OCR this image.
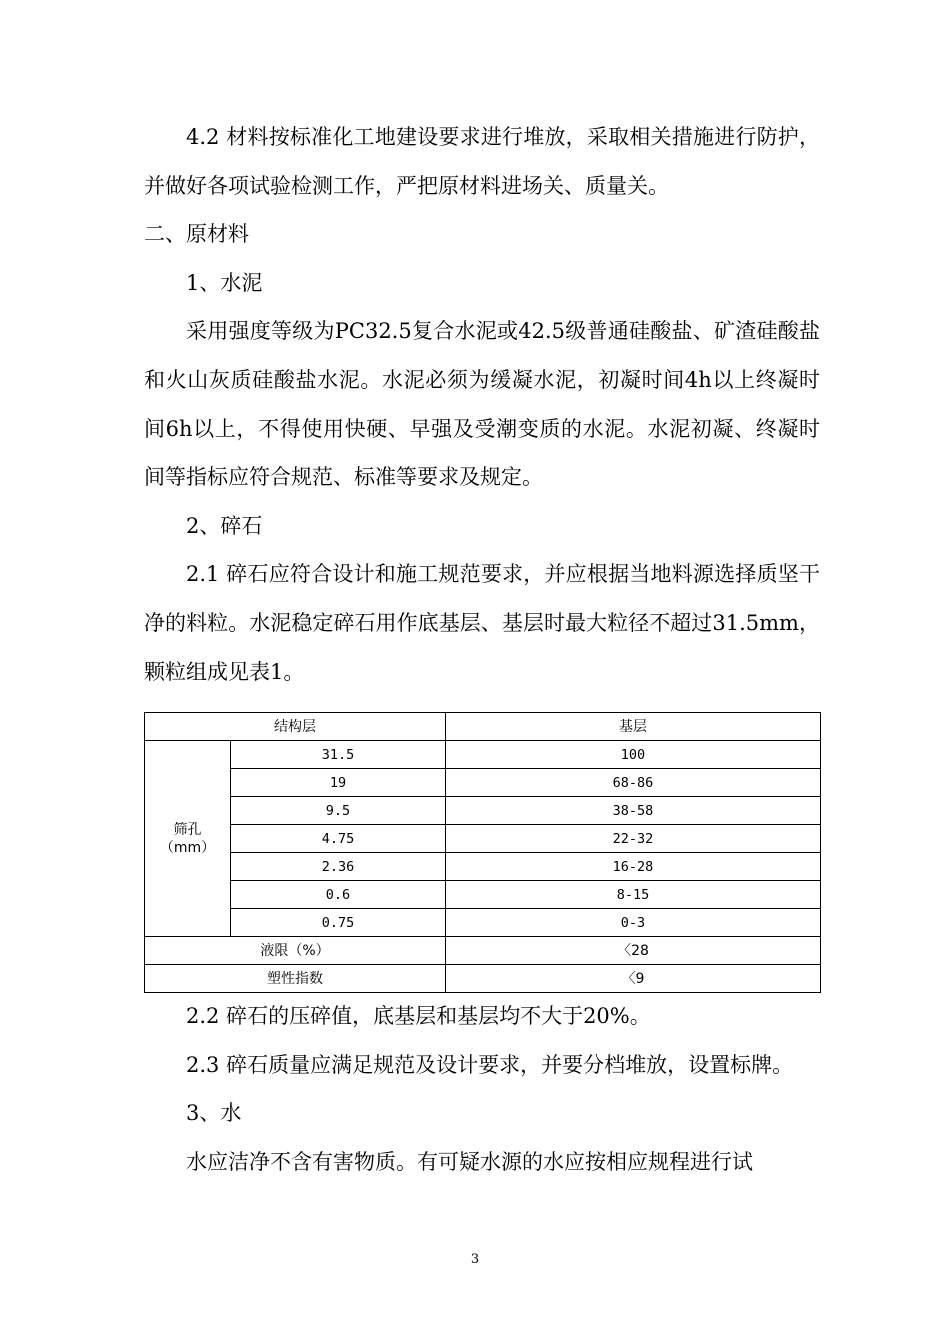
4.2 材料按标准化工地建设要求进行堆放，采取相关措施进行防护，并做好各项试验检测工作，严把原材料进场关、质量关。

二、原材料

1、水泥

采用强度等级为PC32.5复合水泥或42.5级普通硅酸盐、矿渣硅酸盐和火山灰质硅酸盐水泥。水泥必须为缓凝水泥，初凝时间4h以上终凝时间6h以上，不得使用快硬、早强及受潮变质的水泥。水泥初凝、终凝时间等指标应符合规范、标准等要求及规定。

2、碎石

2.1 碎石应符合设计和施工规范要求，并应根据当地料源选择质坚干净的料粒。水泥稳定碎石用作底基层、基层时最大粒径不超过31.5mm，颗粒组成见表1。

结构层		基层
筛孔
（mm）	31.5	100
	19	68-86
	9.5	38-58
	4.75	22-32
	2.36	16-28
	0.6	8-15
	0.75	0-3
液限（%）		〈28
塑性指数		〈9

2.2 碎石的压碎值，底基层和基层均不大于20%。

2.3 碎石质量应满足规范及设计要求，并要分档堆放，设置标牌。

3、水

水应洁净不含有害物质。有可疑水源的水应按相应规程进行试

3
